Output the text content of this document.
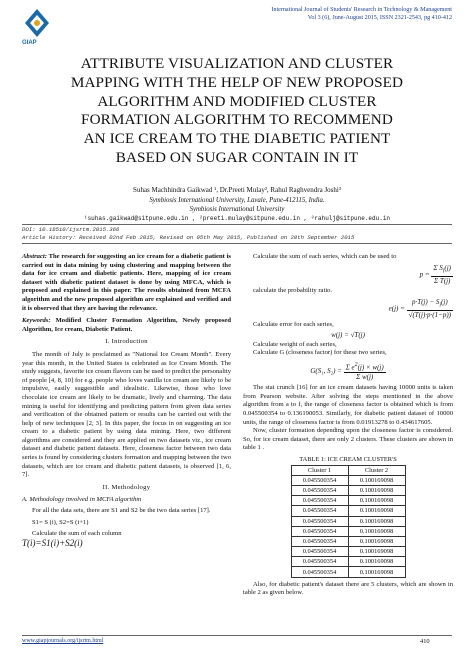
GIAP
International Journal of Students' Research in Technology & Management
Vol 3 (6), June-August 2015, ISSN 2321-2543, pg 410-412
ATTRIBUTE VISUALIZATION AND CLUSTER
MAPPING WITH THE HELP OF NEW PROPOSED
ALGORITHM AND MODIFIED CLUSTER
FORMATION ALGORITHM TO RECOMMEND
AN ICE CREAM TO THE DIABETIC PATIENT
BASED ON SUGAR CONTAIN IN IT
Suhas Machhindra Gaikwad ¹, Dr.Preeti Mulay², Rahul Raghvendra Joshi³
Symbiosis International University, Lavale, Pune-412115, India.
Symbiosis International University
¹suhas.gaikwad@sitpune.edu.in , ²preeti.mulay@sitpune.edu.in , ³rahulj@sitpune.edu.in
DOI: 10.18510/ijsrtm.2015.366
Article History: Received 02nd Feb 2015, Revised on 05th May 2015, Published on 20th September 2015

Abstract: The research for suggesting an ice cream for a diabetic patient is carried out in data mining by using clustering and mapping between the data for ice cream and diabetic patients. Here, mapping of ice cream dataset with diabetic patient dataset is done by using MFCA, which is proposed and explained in this paper. The results obtained from MCFA algorithm and the new proposed algorithm are explained and verified and it is observed that they are having the relevance.

Keywords: Modified Cluster Formation Algorithm, Newly proposed Algorithm, Ice cream, Diabetic Patient.

I. Introduction

The month of July is proclaimed as "National Ice Cream Month". Every year this month, in the United States is celebrated as Ice Cream Month. The study suggests, favorite ice cream flavors can be used to predict the personality of people [4, 8, 10] for e.g. people who loves vanilla ice cream are likely to be impulsive, easily suggestible and idealistic. Likewise, those who love chocolate ice cream are likely to be dramatic, lively and charming. The data mining is useful for identifying and predicting pattern from given data series and verification of the obtained pattern or results can be carried out with the help of new techniques [2, 3]. In this paper, the focus in on suggesting an ice cream to a diabetic patient by using data mining. Here, two different algorithms are considered and they are applied on two datasets viz., ice cream dataset and diabetic patient datasets. Here, closeness factor between two data series is found by considering clusters formation and mapping between the two datasets, which are ice cream and diabetic patient datasets, is observed [1, 6, 7].

II. Methodology
A. Methodology involved in MCFA algorithm

For all the data sets, there are S1 and S2 be the two data series [17].

S1= S (i), S2=S (i+1)

Calculate the sum of each column

T(i)=S1(i)+S2(i)

Calculate the sum of each series, which can be used to

$p = \frac{\Sigma S_i(j)}{\text{Σ T(j)}}$

calculate the probability ratio.

$e(j) = \frac{p\cdot T(j) - S_i(j)}{√(T(j)\cdot p\cdot(1-p))}$

Calculate error for each series,

w(j) = √T(j)

Calculate weight of each series,

Calculate G (closeness factor) for these two series,

G(S₁, $S_2) = \frac{\Sigma e^2(j) \times w(j)}{\text{Σ w(j)}}$

The stat crunch [16] for an ice cream datasets having 10000 units is taken from Pearson website. After solving the steps mentioned in the above algorithm from a to f, the range of closeness factor is obtained which is from 0.045500354 to 0.136190053. Similarly, for diabetic patient dataset of 10000 units, the range of closeness factor is from 0.01913278 to 0.434617605.

Now, cluster formation depending upon the closeness factor is considered. So, for ice cream dataset, there are only 2 clusters. These clusters are shown in table 1 .

TABLE 1: ICE CREAM CLUSTER'S
Cluster 1	Cluster 2
0.045500354	0.100169098
0.045500354	0.100169098
0.045500354	0.100169098
0.045500354	0.100169098
0.045500354	0.100169098
0.045500354	0.100169098
0.045500354	0.100169098
0.045500354	0.100169098
0.045500354	0.100169098
0.045500354	0.100169098

Also, for diabetic patient's dataset there are 5 clusters, which are shown in table 2 as given below.

www.giapjournals.org/ijsrtm.html	410
